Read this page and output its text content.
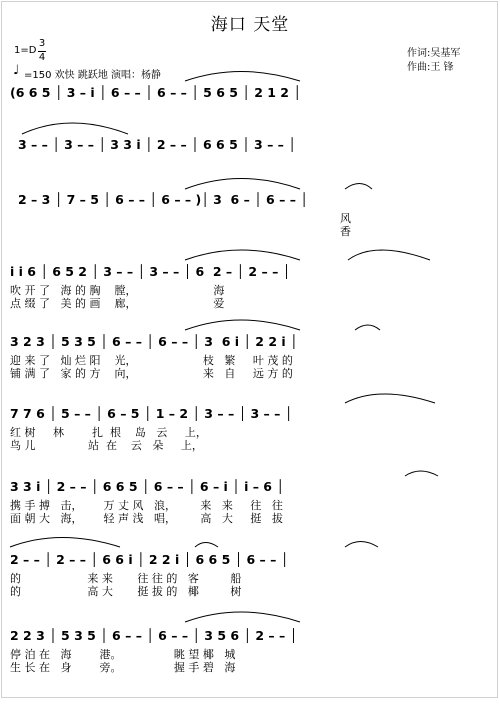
海口 天堂
1=D
3
4
♩ =150 欢快 跳跃地 演唱：杨静
作词:吴基军
作曲:王 锋
(6 6 5 │ 3 – i │ 6 – – │ 6 – – │ 5 6 5 │ 2 1 2 │
3 – – │ 3 – – │ 3 3 i │ 2 – – │ 6 6 5 │ 3 – – │
2 – 3 │ 7 – 5 │ 6 – – │ 6 – – )│ 3  6 – │ 6 – – │
风
香
i i 6 │ 6 5 2 │ 3 – – │ 3 – – │ 6  2 – │ 2 – – │
吹 开 了   海 的 胸    膛，                      海
点 缀 了   美 的 画    廊，                      爱
3 2 3 │ 5 3 5 │ 6 – – │ 6 – – │ 3  6 i │ 2 2 i │
迎 来 了   灿 烂 阳    光，                   枝   繁     叶 茂 的
铺 满 了   家 的 方    向，                   来   自     远 方 的
7 7 6 │ 5 – – │ 6 – 5 │ 1 – 2 │ 3 – – │ 3 – – │
红 树     林        扎  根    岛   云     上，
鸟 儿               站  在    云   朵     上，
3 3 i │ 2 – – │ 6 6 5 │ 6 – – │ 6 – i │ i – 6 │
携 手 搏   击，      万 丈 风   浪，       来   来     往   往
面 朝 大   海，      轻 声 浅   唱，       高   大     挺   拔
2 – – │ 2 – – │ 6 6 i │ 2 2 i │ 6 6 5 │ 6 – – │
的                   来 来       往 往 的   客         船
的                   高 大       挺 拔 的   椰         树
2 2 3 │ 5 3 5 │ 6 – – │ 6 – – │ 3 5 6 │ 2 – – │
停 泊 在   海        港。               眺 望 椰   城
生 长 在   身        旁。               握 手 碧   海
